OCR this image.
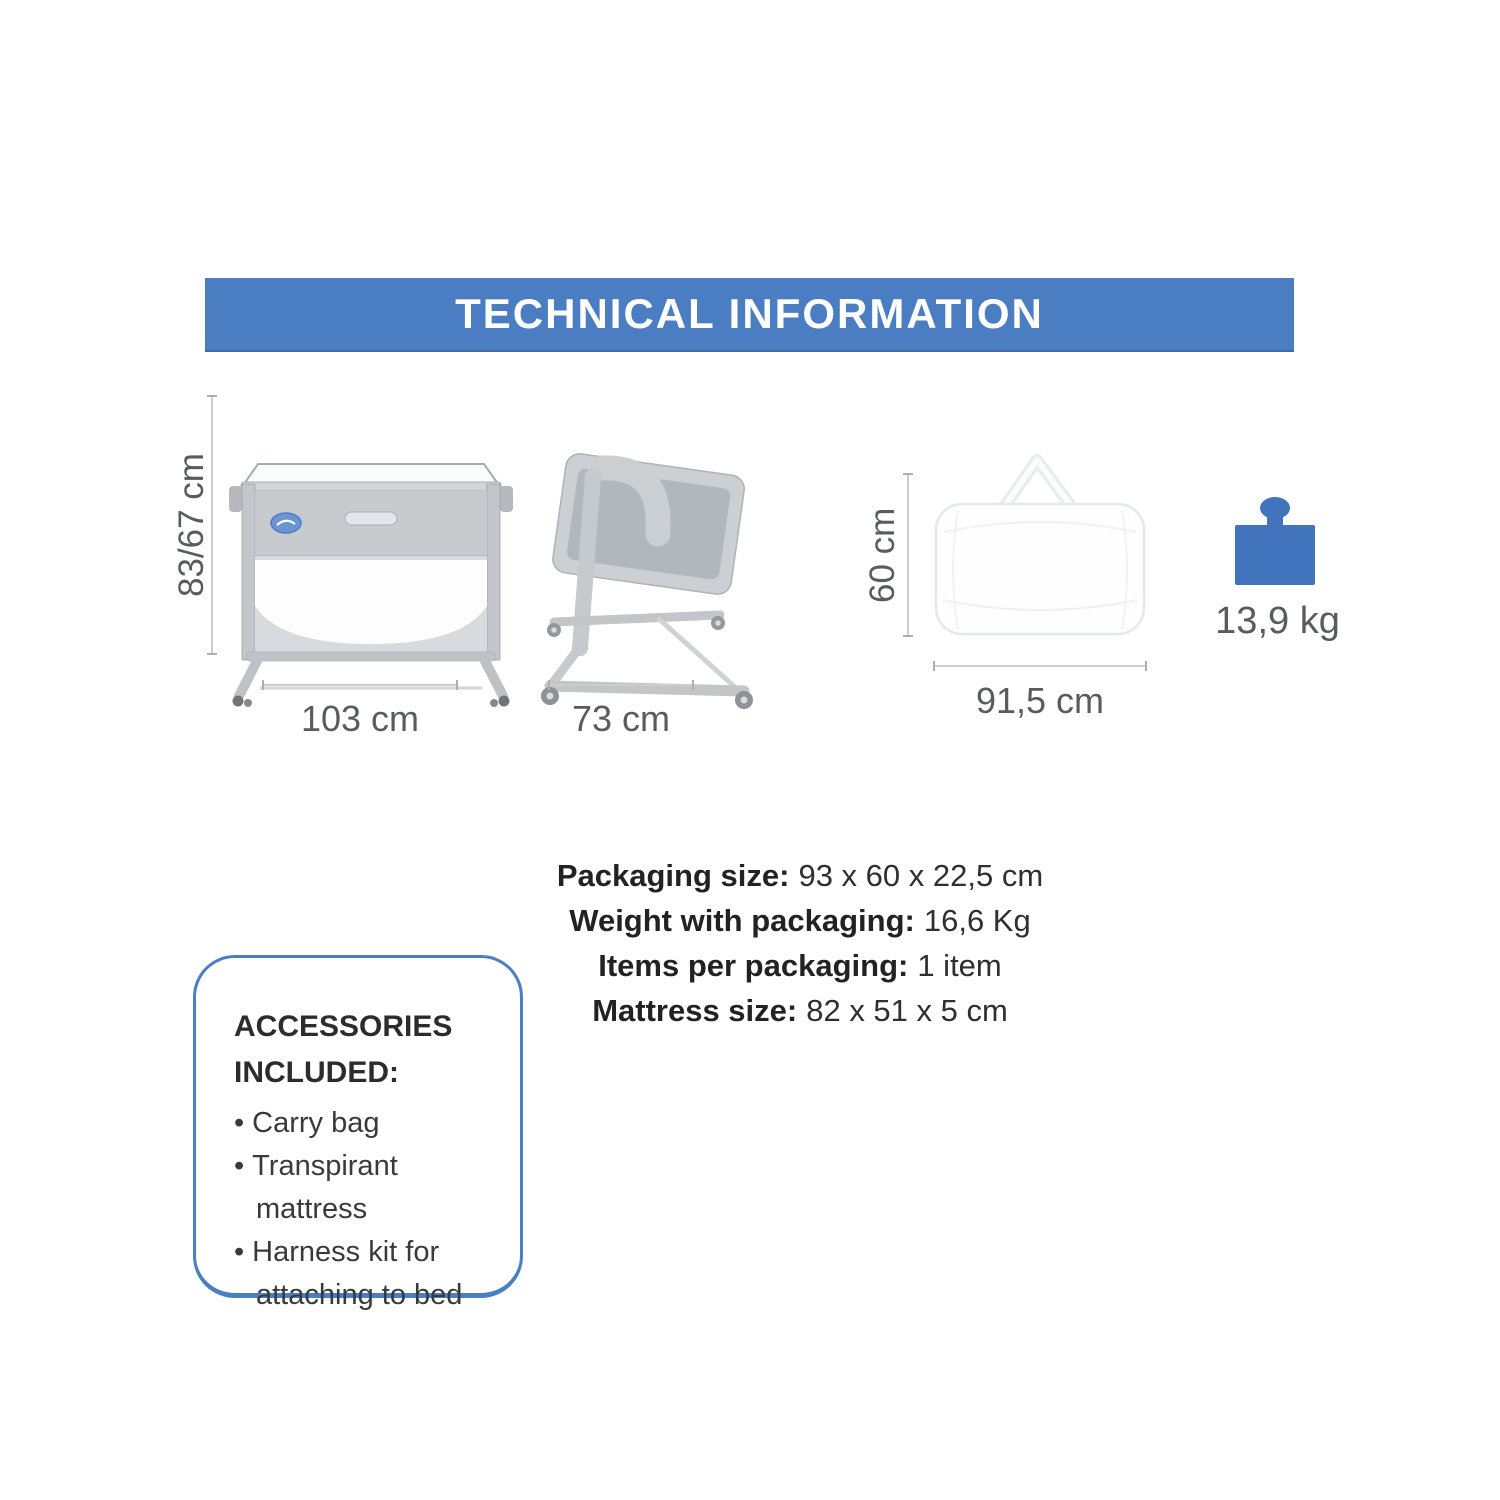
TECHNICAL INFORMATION
83/67 cm
103 cm	73 cm
60 cm
91,5 cm
13,9 kg
Packaging size: 93 x 60 x 22,5 cm
Weight with packaging: 16,6 Kg
Items per packaging: 1 item
Mattress size: 82 x 51 x 5 cm
ACCESSORIES
INCLUDED:
• Carry bag
• Transpirant mattress
• Harness kit for attaching to bed
